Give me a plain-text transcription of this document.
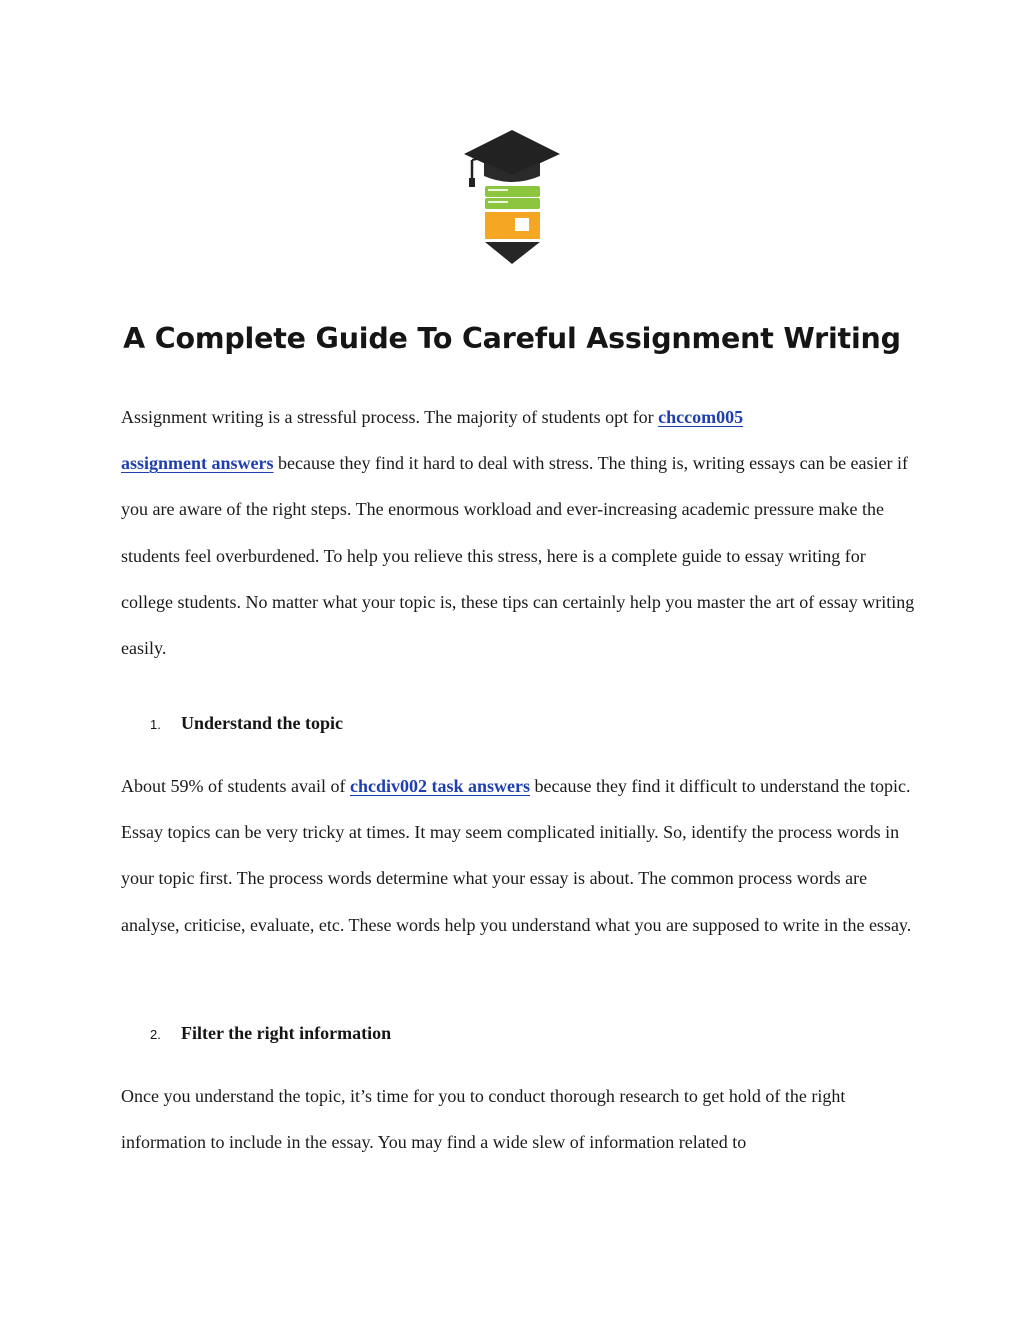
A Complete Guide To Careful Assignment Writing
Assignment writing is a stressful process. The majority of students opt for chccom005
assignment answers because they find it hard to deal with stress. The thing is, writing essays can be easier if you are aware of the right steps. The enormous workload and ever-increasing academic pressure make the students feel overburdened. To help you relieve this stress, here is a complete guide to essay writing for college students. No matter what your topic is, these tips can certainly help you master the art of essay writing easily.
1. Understand the topic
About 59% of students avail of chcdiv002 task answers because they find it difficult to understand the topic. Essay topics can be very tricky at times. It may seem complicated initially. So, identify the process words in your topic first. The process words determine what your essay is about. The common process words are analyse, criticise, evaluate, etc. These words help you understand what you are supposed to write in the essay.
2. Filter the right information
Once you understand the topic, it’s time for you to conduct thorough research to get hold of the right information to include in the essay. You may find a wide slew of information related to
